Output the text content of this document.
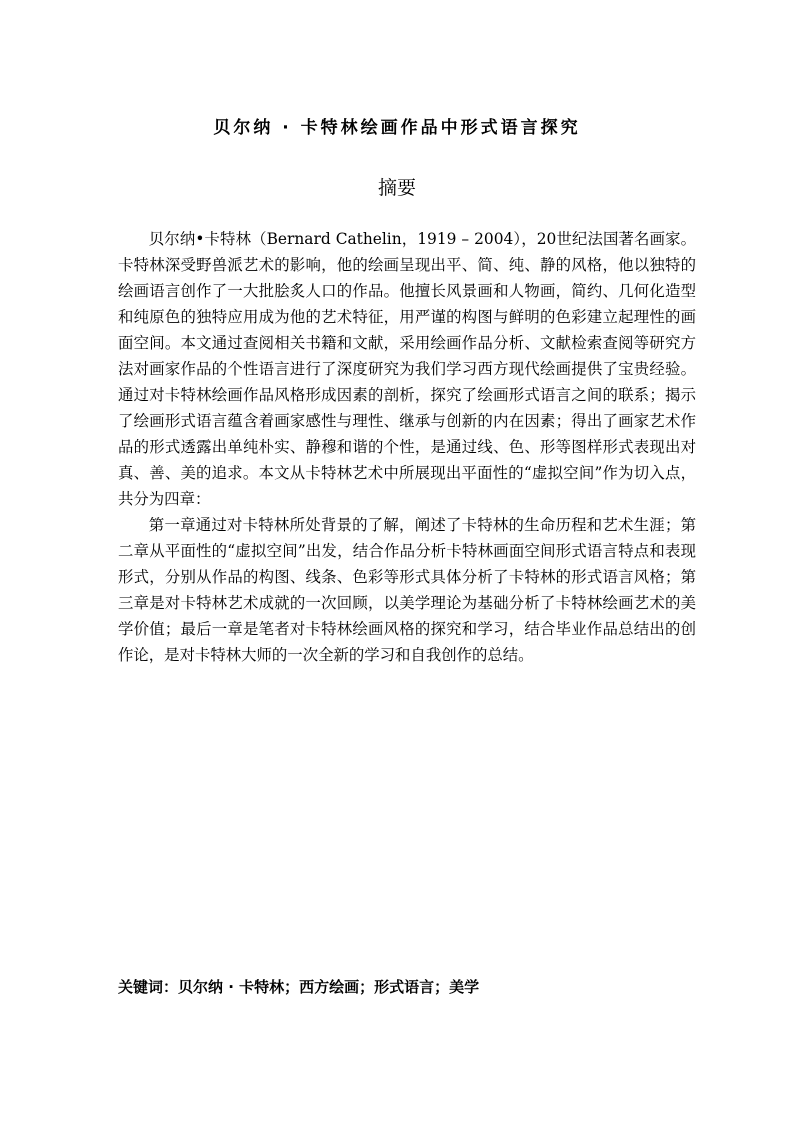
贝尔纳 · 卡特林绘画作品中形式语言探究
摘要

贝尔纳•卡特林（Bernard Cathelin，1919 – 2004），20世纪法国著名画家。卡特林深受野兽派艺术的影响，他的绘画呈现出平、简、纯、静的风格，他以独特的绘画语言创作了一大批脍炙人口的作品。他擅长风景画和人物画，简约、几何化造型和纯原色的独特应用成为他的艺术特征，用严谨的构图与鲜明的色彩建立起理性的画面空间。本文通过查阅相关书籍和文献，采用绘画作品分析、文献检索查阅等研究方法对画家作品的个性语言进行了深度研究为我们学习西方现代绘画提供了宝贵经验。通过对卡特林绘画作品风格形成因素的剖析，探究了绘画形式语言之间的联系；揭示了绘画形式语言蕴含着画家感性与理性、继承与创新的内在因素；得出了画家艺术作品的形式透露出单纯朴实、静穆和谐的个性，是通过线、色、形等图样形式表现出对真、善、美的追求。本文从卡特林艺术中所展现出平面性的“虚拟空间”作为切入点，共分为四章：

第一章通过对卡特林所处背景的了解，阐述了卡特林的生命历程和艺术生涯；第二章从平面性的“虚拟空间”出发，结合作品分析卡特林画面空间形式语言特点和表现形式，分别从作品的构图、线条、色彩等形式具体分析了卡特林的形式语言风格；第三章是对卡特林艺术成就的一次回顾，以美学理论为基础分析了卡特林绘画艺术的美学价值；最后一章是笔者对卡特林绘画风格的探究和学习，结合毕业作品总结出的创作论，是对卡特林大师的一次全新的学习和自我创作的总结。

关键词：贝尔纳 · 卡特林；西方绘画；形式语言；美学
